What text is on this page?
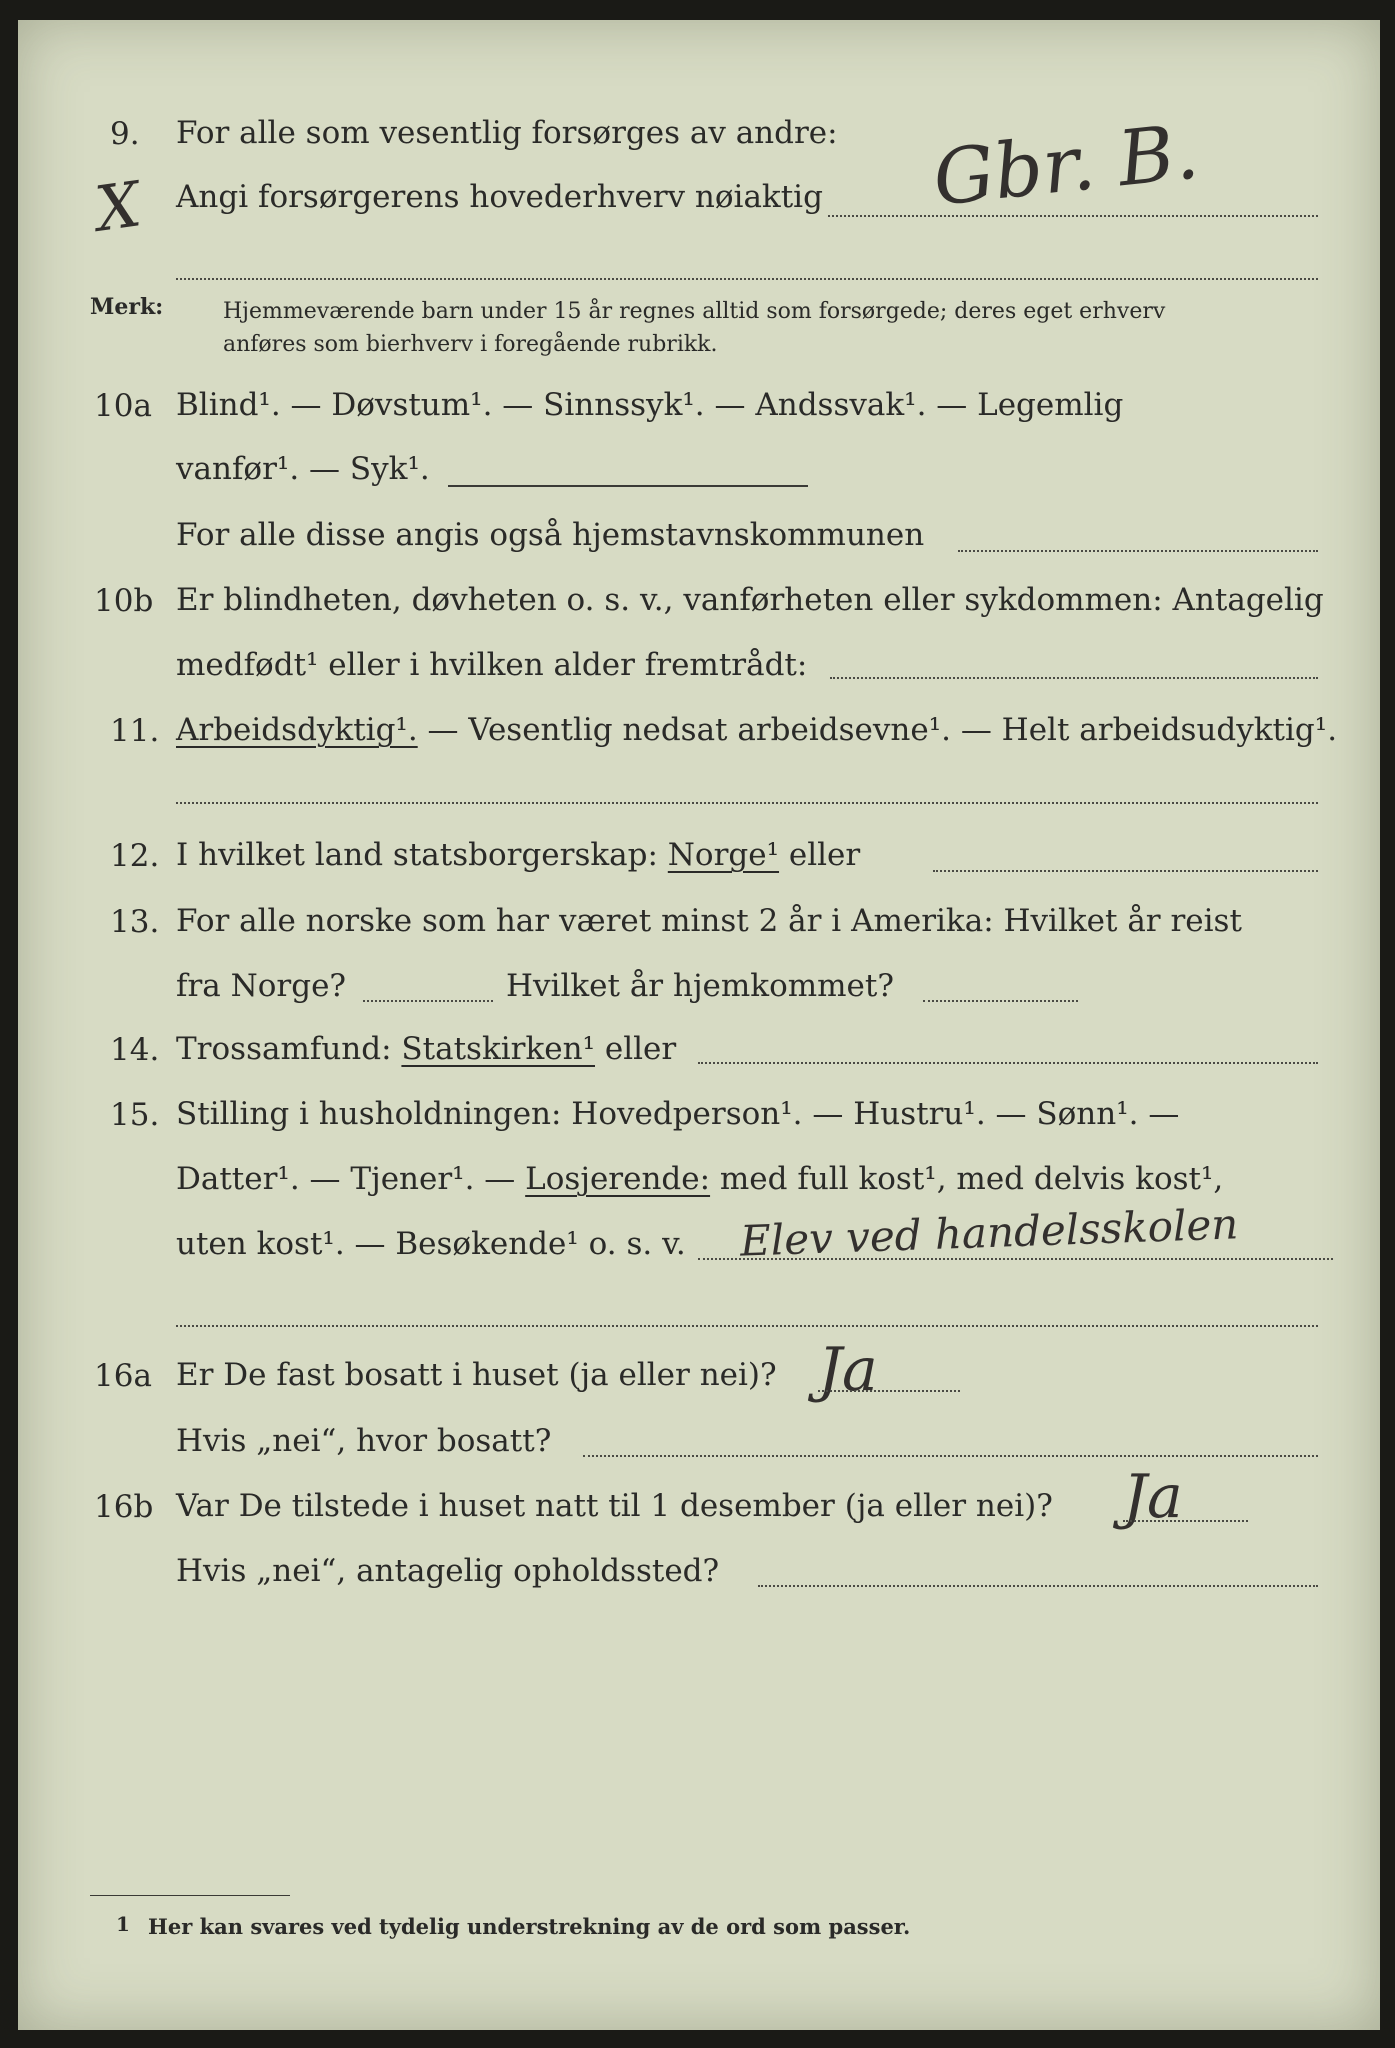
9. For alle som vesentlig forsørges av andre:
X Angi forsørgerens hovederhverv nøiaktig Gbr. B.
Merk:	Hjemmeværende barn under 15 år regnes alltid som forsørgede; deres eget erhverv
anføres som bierhverv i foregående rubrikk.
10a Blind¹. — Døvstum¹. — Sinnssyk¹. — Andssvak¹. — Legemlig
vanfør¹. — Syk¹.
For alle disse angis også hjemstavnskommunen
10b Er blindheten, døvheten o. s. v., vanførheten eller sykdommen: Antagelig
medfødt¹ eller i hvilken alder fremtrådt:
11. Arbeidsdyktig¹. — Vesentlig nedsat arbeidsevne¹. — Helt arbeidsudyktig¹.
12. I hvilket land statsborgerskap: Norge¹ eller
13. For alle norske som har været minst 2 år i Amerika: Hvilket år reist
fra Norge?	Hvilket år hjemkommet?
14. Trossamfund: Statskirken¹ eller
15. Stilling i husholdningen: Hovedperson¹. — Hustru¹. — Sønn¹. —
Datter¹. — Tjener¹. — Losjerende: med full kost¹, med delvis kost¹,
uten kost¹. — Besøkende¹ o. s. v. Elev ved handelsskolen
16a Er De fast bosatt i huset (ja eller nei)? Ja
Hvis „nei“, hvor bosatt?
16b Var De tilstede i huset natt til 1 desember (ja eller nei)? Ja
Hvis „nei“, antagelig opholdssted?
1 Her kan svares ved tydelig understrekning av de ord som passer.
